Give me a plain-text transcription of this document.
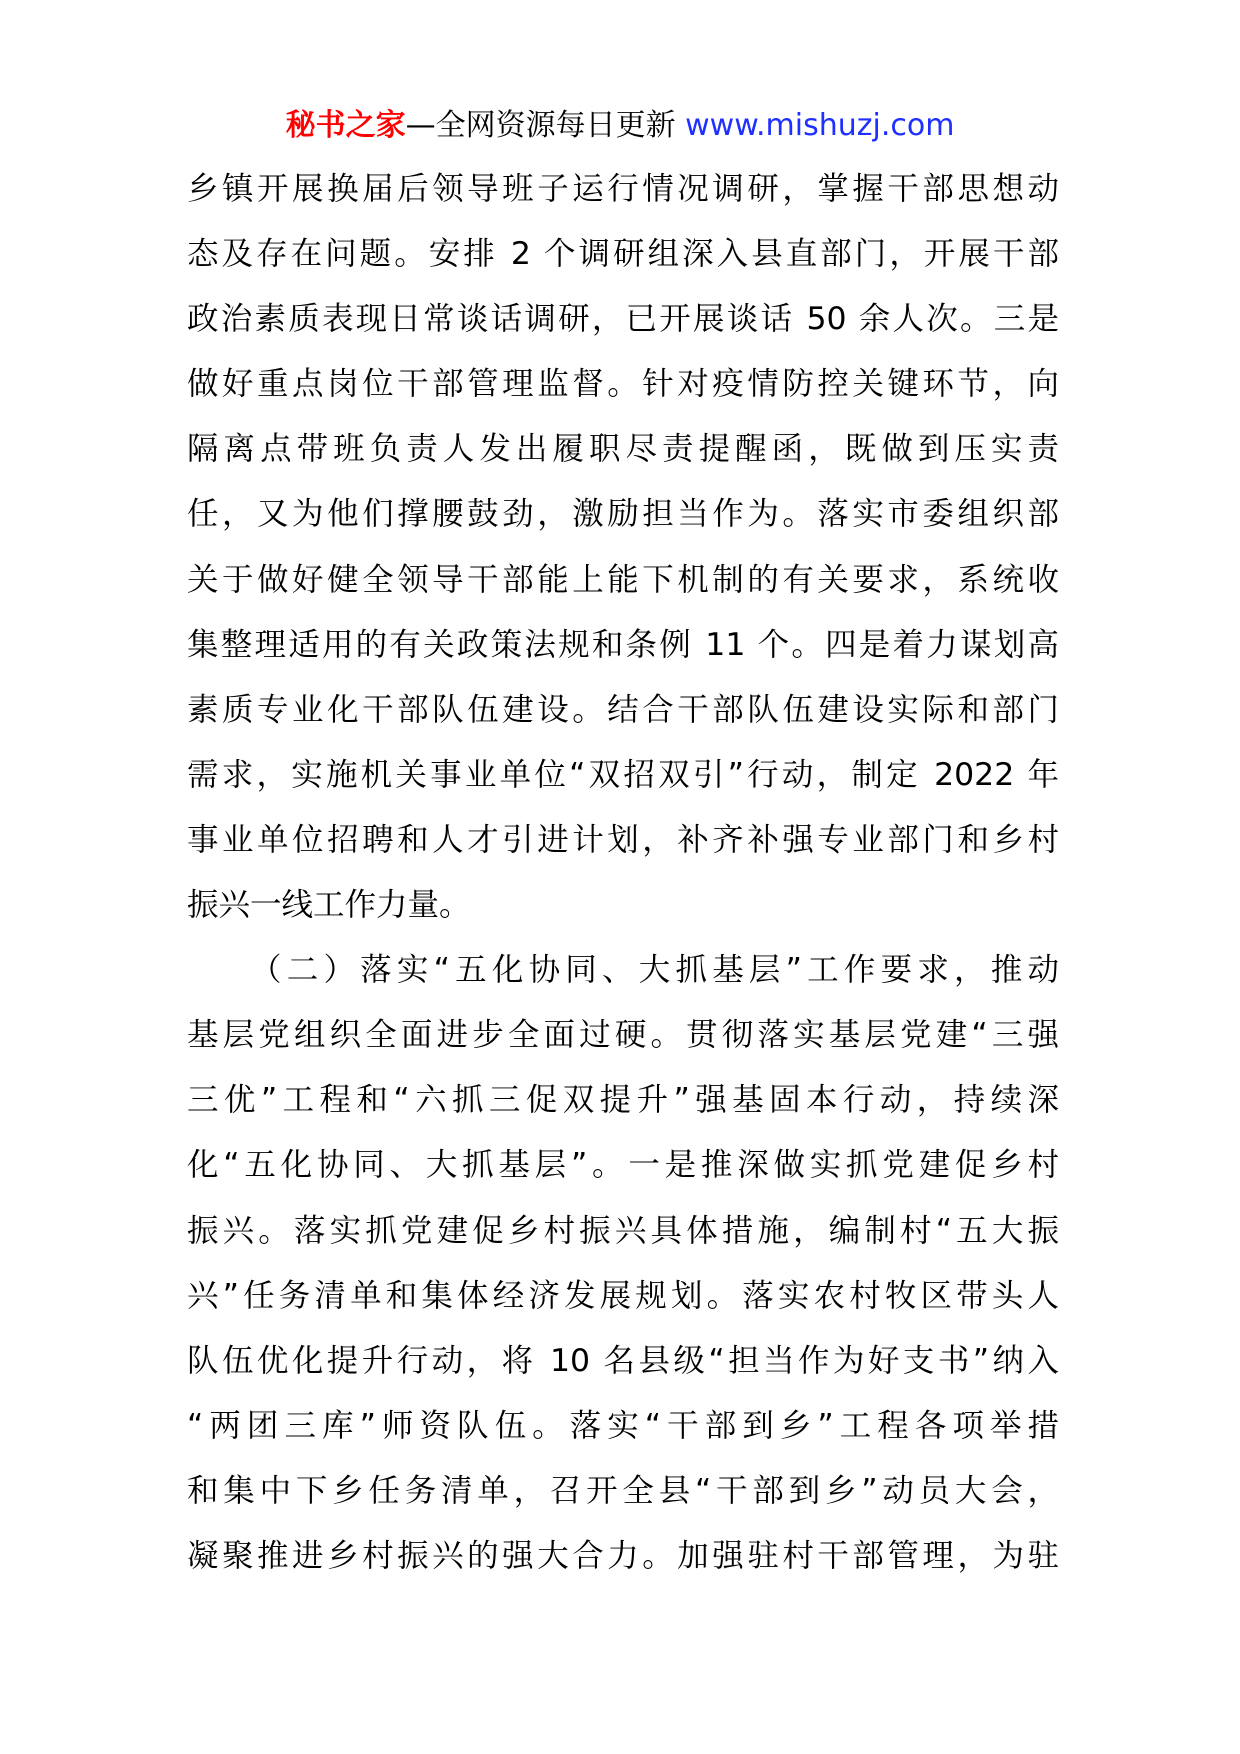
秘书之家—全网资源每日更新 www.mishuzj.com
乡镇开展换届后领导班子运行情况调研，掌握干部思想动
态及存在问题。安排 2 个调研组深入县直部门，开展干部
政治素质表现日常谈话调研，已开展谈话 50 余人次。三是
做好重点岗位干部管理监督。针对疫情防控关键环节，向
隔离点带班负责人发出履职尽责提醒函，既做到压实责
任，又为他们撑腰鼓劲，激励担当作为。落实市委组织部
关于做好健全领导干部能上能下机制的有关要求，系统收
集整理适用的有关政策法规和条例 11 个。四是着力谋划高
素质专业化干部队伍建设。结合干部队伍建设实际和部门
需求，实施机关事业单位“双招双引”行动，制定 2022 年
事业单位招聘和人才引进计划，补齐补强专业部门和乡村
振兴一线工作力量。
（二）落实“五化协同、大抓基层”工作要求，推动
基层党组织全面进步全面过硬。贯彻落实基层党建“三强
三优”工程和“六抓三促双提升”强基固本行动，持续深
化“五化协同、大抓基层”。一是推深做实抓党建促乡村
振兴。落实抓党建促乡村振兴具体措施，编制村“五大振
兴”任务清单和集体经济发展规划。落实农村牧区带头人
队伍优化提升行动，将 10 名县级“担当作为好支书”纳入
“两团三库”师资队伍。落实“干部到乡”工程各项举措
和集中下乡任务清单，召开全县“干部到乡”动员大会，
凝聚推进乡村振兴的强大合力。加强驻村干部管理，为驻
